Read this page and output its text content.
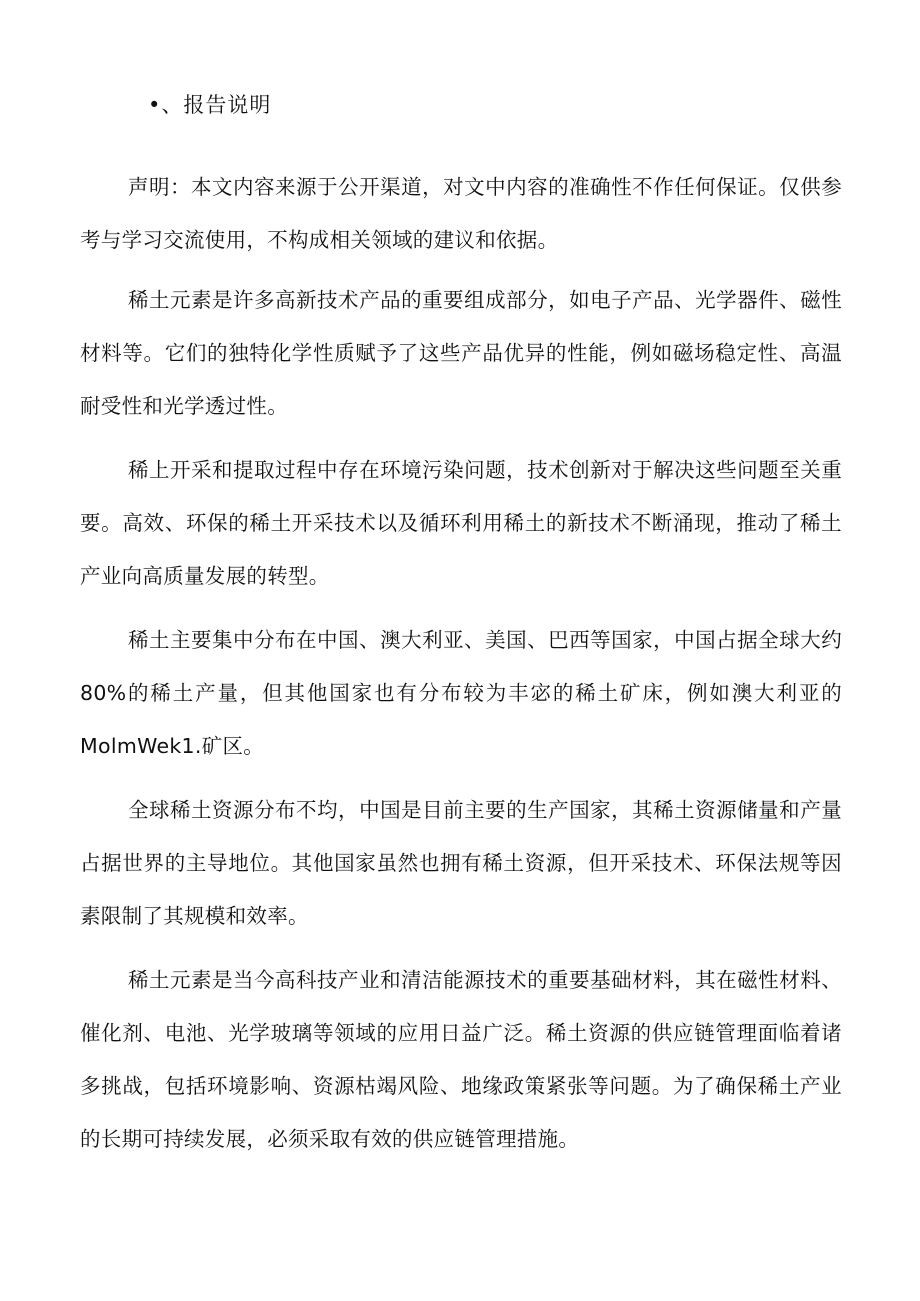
•、报告说明

声明：本文内容来源于公开渠道，对文中内容的准确性不作任何保证。仅供参考与学习交流使用，不构成相关领域的建议和依据。

稀土元素是许多高新技术产品的重要组成部分，如电子产品、光学器件、磁性材料等。它们的独特化学性质赋予了这些产品优异的性能，例如磁场稳定性、高温耐受性和光学透过性。

稀上开采和提取过程中存在环境污染问题，技术创新对于解决这些问题至关重要。高效、环保的稀土开采技术以及循环利用稀土的新技术不断涌现，推动了稀土产业向高质量发展的转型。

稀土主要集中分布在中国、澳大利亚、美国、巴西等国家，中国占据全球大约80%的稀土产量，但其他国家也有分布较为丰宓的稀土矿床，例如澳大利亚的MolmWek1.矿区。

全球稀土资源分布不均，中国是目前主要的生产国家，其稀土资源储量和产量占据世界的主导地位。其他国家虽然也拥有稀土资源，但开采技术、环保法规等因素限制了其规模和效率。

稀土元素是当今高科技产业和清洁能源技术的重要基础材料，其在磁性材料、催化剂、电池、光学玻璃等领域的应用日益广泛。稀土资源的供应链管理面临着诸多挑战，包括环境影响、资源枯竭风险、地缘政策紧张等问题。为了确保稀土产业的长期可持续发展，必须采取有效的供应链管理措施。
